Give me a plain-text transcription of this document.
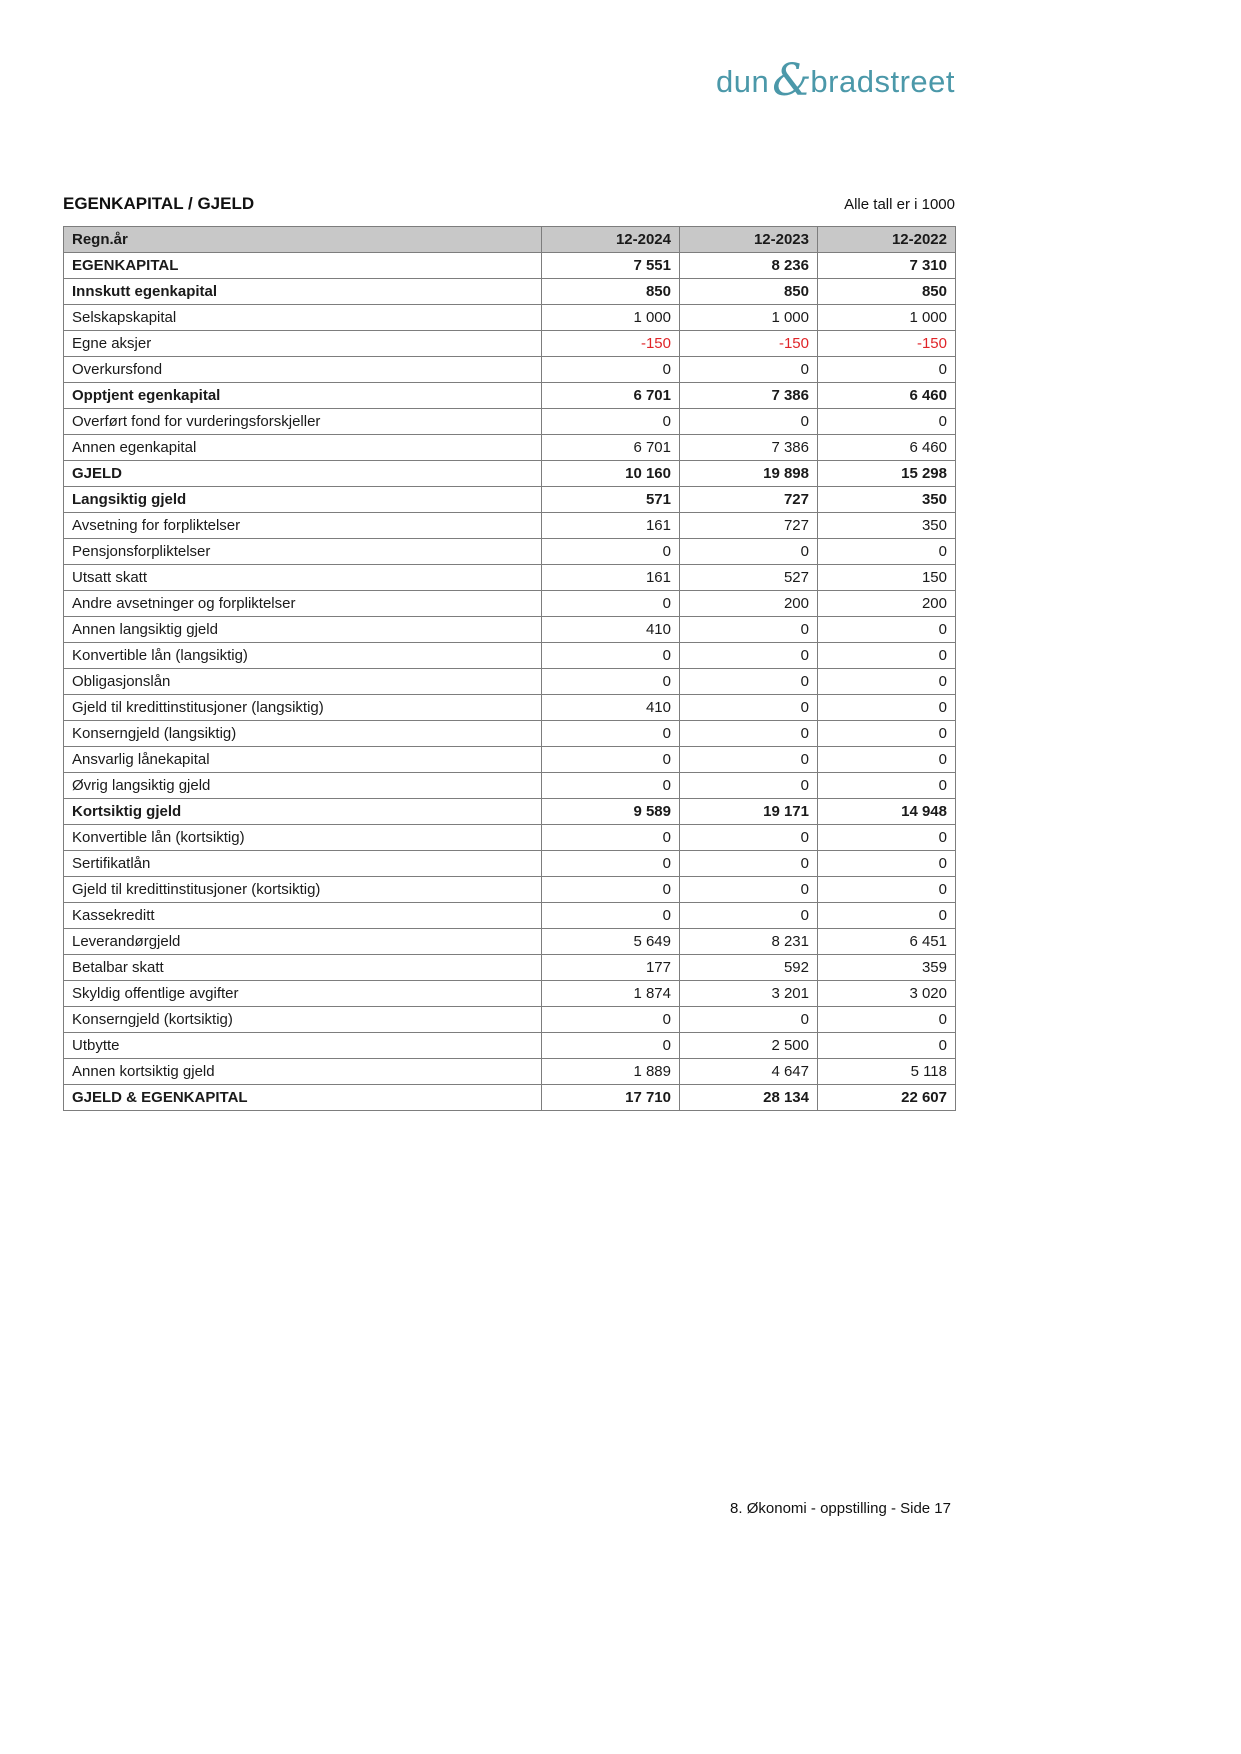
dun & bradstreet
EGENKAPITAL / GJELD	Alle tall er i 1000
Regn.år	12-2024	12-2023	12-2022
EGENKAPITAL	7 551	8 236	7 310
Innskutt egenkapital	850	850	850
Selskapskapital	1 000	1 000	1 000
Egne aksjer	-150	-150	-150
Overkursfond	0	0	0
Opptjent egenkapital	6 701	7 386	6 460
Overført fond for vurderingsforskjeller	0	0	0
Annen egenkapital	6 701	7 386	6 460
GJELD	10 160	19 898	15 298
Langsiktig gjeld	571	727	350
Avsetning for forpliktelser	161	727	350
Pensjonsforpliktelser	0	0	0
Utsatt skatt	161	527	150
Andre avsetninger og forpliktelser	0	200	200
Annen langsiktig gjeld	410	0	0
Konvertible lån (langsiktig)	0	0	0
Obligasjonslån	0	0	0
Gjeld til kredittinstitusjoner (langsiktig)	410	0	0
Konserngjeld (langsiktig)	0	0	0
Ansvarlig lånekapital	0	0	0
Øvrig langsiktig gjeld	0	0	0
Kortsiktig gjeld	9 589	19 171	14 948
Konvertible lån (kortsiktig)	0	0	0
Sertifikatlån	0	0	0
Gjeld til kredittinstitusjoner (kortsiktig)	0	0	0
Kassekreditt	0	0	0
Leverandørgjeld	5 649	8 231	6 451
Betalbar skatt	177	592	359
Skyldig offentlige avgifter	1 874	3 201	3 020
Konserngjeld (kortsiktig)	0	0	0
Utbytte	0	2 500	0
Annen kortsiktig gjeld	1 889	4 647	5 118
GJELD & EGENKAPITAL	17 710	28 134	22 607
8. Økonomi - oppstilling - Side 17
